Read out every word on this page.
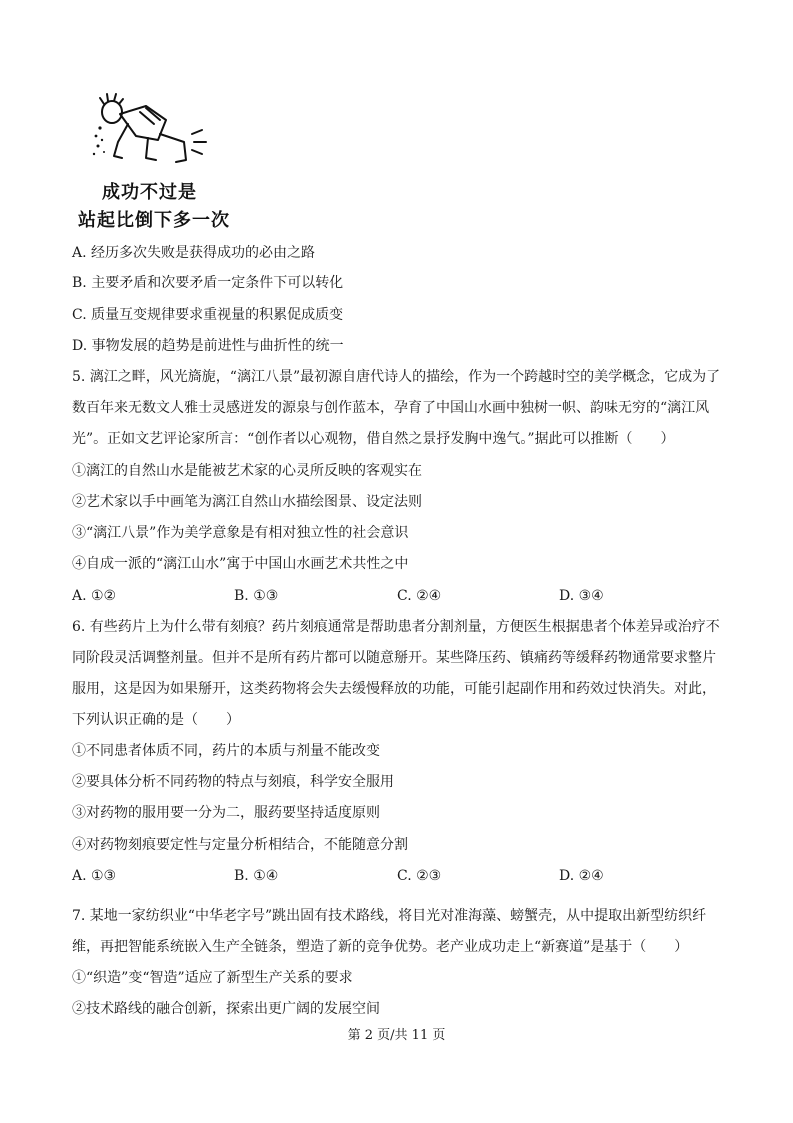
成功不过是
站起比倒下多一次
A. 经历多次失败是获得成功的必由之路
B. 主要矛盾和次要矛盾一定条件下可以转化
C. 质量互变规律要求重视量的积累促成质变
D. 事物发展的趋势是前进性与曲折性的统一
5. 漓江之畔，风光旖旎，“漓江八景”最初源自唐代诗人的描绘，作为一个跨越时空的美学概念，它成为了
数百年来无数文人雅士灵感迸发的源泉与创作蓝本，孕育了中国山水画中独树一帜、韵味无穷的“漓江风
光”。正如文艺评论家所言：“创作者以心观物，借自然之景抒发胸中逸气。”据此可以推断（　　）
①漓江的自然山水是能被艺术家的心灵所反映的客观实在
②艺术家以手中画笔为漓江自然山水描绘图景、设定法则
③“漓江八景”作为美学意象是有相对独立性的社会意识
④自成一派的“漓江山水”寓于中国山水画艺术共性之中
A. ①②	B. ①③	C. ②④	D. ③④
6. 有些药片上为什么带有刻痕？药片刻痕通常是帮助患者分割剂量，方便医生根据患者个体差异或治疗不
同阶段灵活调整剂量。但并不是所有药片都可以随意掰开。某些降压药、镇痛药等缓释药物通常要求整片
服用，这是因为如果掰开，这类药物将会失去缓慢释放的功能，可能引起副作用和药效过快消失。对此，
下列认识正确的是（　　）
①不同患者体质不同，药片的本质与剂量不能改变
②要具体分析不同药物的特点与刻痕，科学安全服用
③对药物的服用要一分为二，服药要坚持适度原则
④对药物刻痕要定性与定量分析相结合，不能随意分割
A. ①③	B. ①④	C. ②③	D. ②④
7. 某地一家纺织业“中华老字号”跳出固有技术路线，将目光对准海藻、螃蟹壳，从中提取出新型纺织纤
维，再把智能系统嵌入生产全链条，塑造了新的竞争优势。老产业成功走上“新赛道”是基于（　　）
①“织造”变“智造”适应了新型生产关系的要求
②技术路线的融合创新，探索出更广阔的发展空间
第 2 页/共 11 页
